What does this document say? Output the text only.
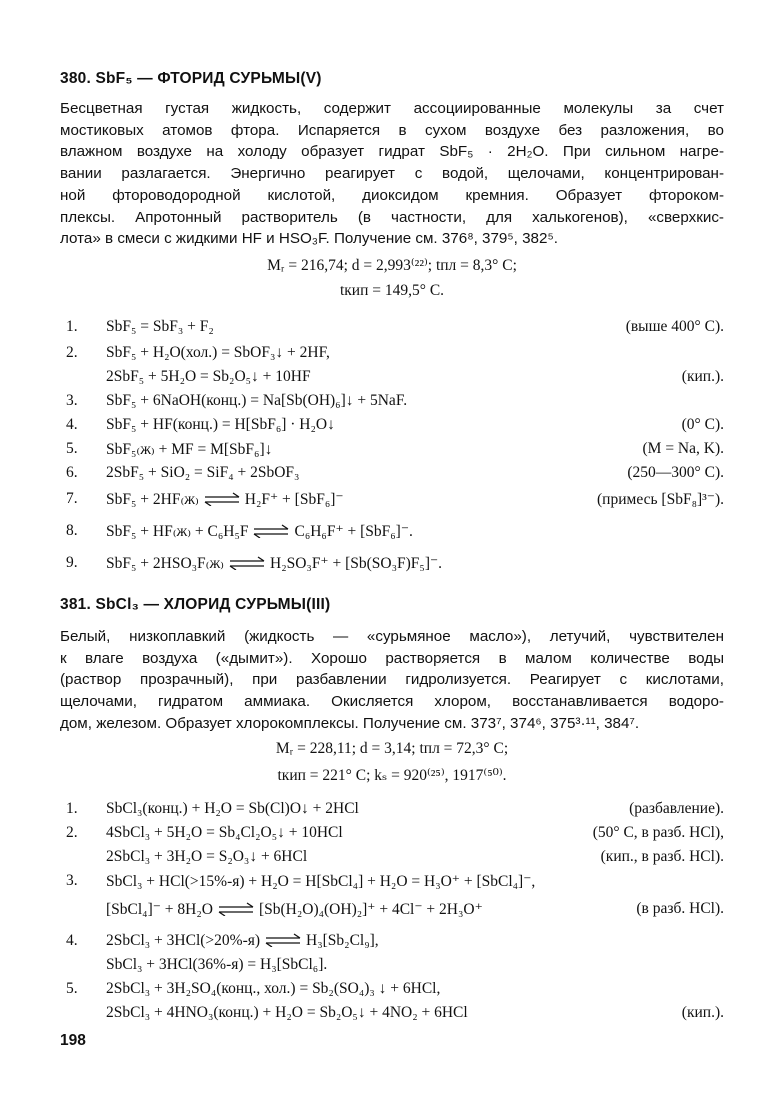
380. SbF₅ — ФТОРИД СУРЬМЫ(V)
Бесцветная густая жидкость, содержит ассоциированные молекулы за счет
мостиковых атомов фтора. Испаряется в сухом воздухе без разложения, во
влажном воздухе на холоду образует гидрат SbF₅ · 2H₂O. При сильном нагре-
вании разлагается. Энергично реагирует с водой, щелочами, концентрирован-
ной фтороводородной кислотой, диоксидом кремния. Образует фтороком-
плексы. Апротонный растворитель (в частности, для халькогенов), «сверхкис-
лота» в смеси с жидкими HF и HSO₃F. Получение см. 376⁸, 379⁵, 382⁵.
Mᵣ = 216,74; d = 2,993⁽²²⁾; tпл = 8,3° C;
tкип = 149,5° C.
1. SbF₅ = SbF₃ + F₂	(выше 400° C).
2. SbF₅ + H₂O(хол.) = SbOF₃↓ + 2HF,
2SbF₅ + 5H₂O = Sb₂O₅↓ + 10HF	(кип.).
3. SbF₅ + 6NaOH(конц.) = Na[Sb(OH)₆]↓ + 5NaF.
4. SbF₅ + HF(конц.) = H[SbF₆] · H₂O↓	(0° C).
5. SbF₅₍ж₎ + MF = M[SbF₆]↓	(M = Na, K).
6. 2SbF₅ + SiO₂ = SiF₄ + 2SbOF₃	(250—300° C).
7. SbF₅ + 2HF₍ж₎ ⇌ H₂F⁺ + [SbF₆]⁻	(примесь [SbF₈]³⁻).
8. SbF₅ + HF₍ж₎ + C₆H₅F ⇌ C₆H₆F⁺ + [SbF₆]⁻.
9. SbF₅ + 2HSO₃F₍ж₎ ⇌ H₂SO₃F⁺ + [Sb(SO₃F)F₅]⁻.
381. SbCl₃ — ХЛОРИД СУРЬМЫ(III)
Белый, низкоплавкий (жидкость — «сурьмяное масло»), летучий, чувствителен
к влаге воздуха («дымит»). Хорошо растворяется в малом количестве воды
(раствор прозрачный), при разбавлении гидролизуется. Реагирует с кислотами,
щелочами, гидратом аммиака. Окисляется хлором, восстанавливается водоро-
дом, железом. Образует хлорокомплексы. Получение см. 373⁷, 374⁶, 375³·¹¹, 384⁷.
Mᵣ = 228,11; d = 3,14; tпл = 72,3° C;
tкип = 221° C; kₛ = 920⁽²⁵⁾, 1917⁽⁵⁰⁾.
1. SbCl₃(конц.) + H₂O = Sb(Cl)O↓ + 2HCl	(разбавление).
2. 4SbCl₃ + 5H₂O = Sb₄Cl₂O₅↓ + 10HCl	(50° C, в разб. HCl),
2SbCl₃ + 3H₂O = S₂O₃↓ + 6HCl	(кип., в разб. HCl).
3. SbCl₃ + HCl(>15%-я) + H₂O = H[SbCl₄] + H₂O = H₃O⁺ + [SbCl₄]⁻,
[SbCl₄]⁻ + 8H₂O ⇌ [Sb(H₂O)₄(OH)₂]⁺ + 4Cl⁻ + 2H₃O⁺	(в разб. HCl).
4. 2SbCl₃ + 3HCl(>20%-я) ⇌ H₃[Sb₂Cl₉],
SbCl₃ + 3HCl(36%-я) = H₃[SbCl₆].
5. 2SbCl₃ + 3H₂SO₄(конц., хол.) = Sb₂(SO₄)₃ ↓ + 6HCl,
2SbCl₃ + 4HNO₃(конц.) + H₂O = Sb₂O₅↓ + 4NO₂ + 6HCl	(кип.).
198
